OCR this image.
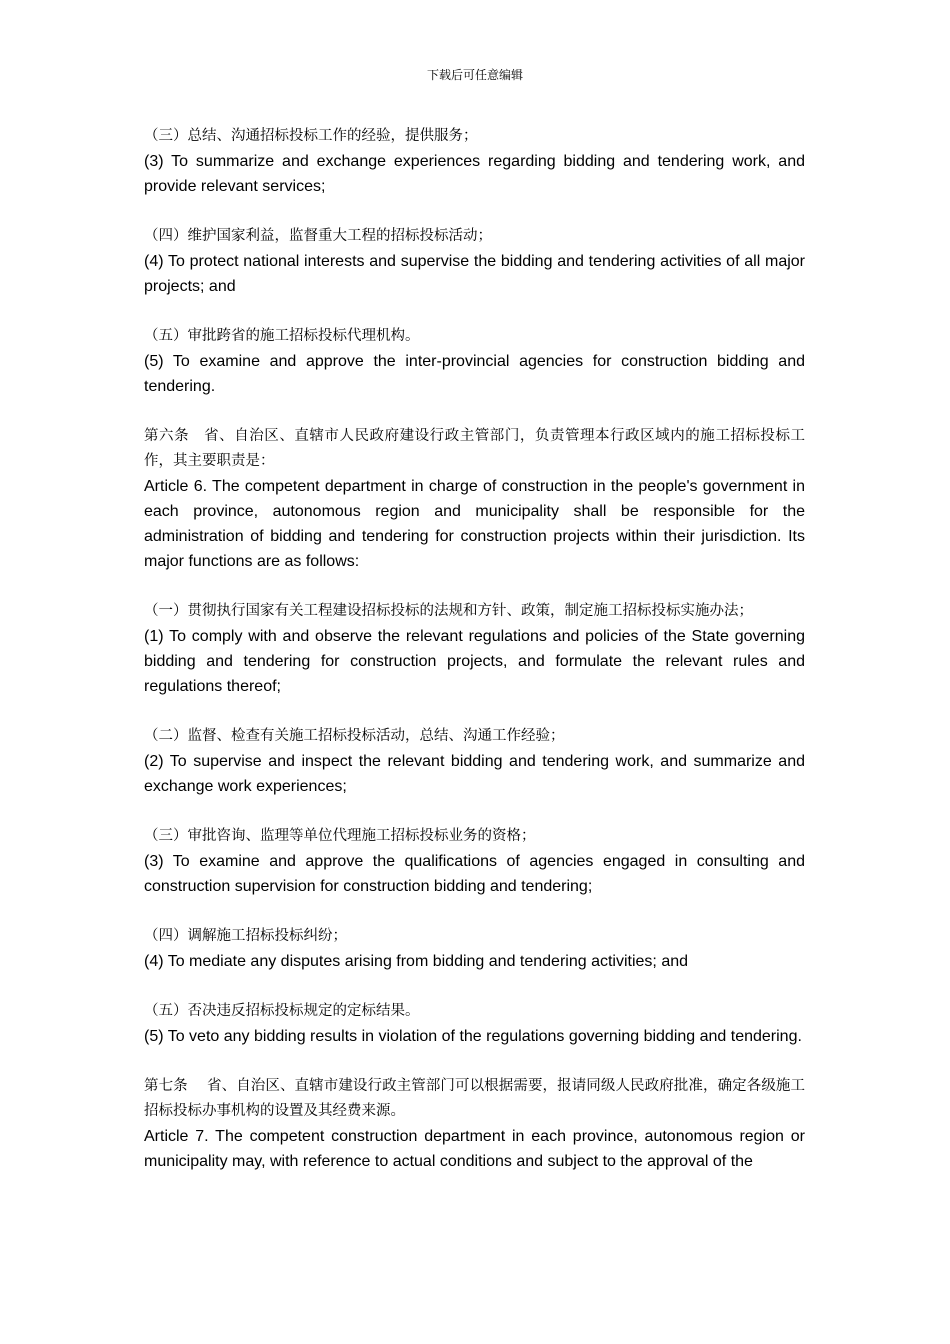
下载后可任意编辑

（三）总结、沟通招标投标工作的经验，提供服务；

(3) To summarize and exchange experiences regarding bidding and tendering work, and provide relevant services;

（四）维护国家利益，监督重大工程的招标投标活动；

(4) To protect national interests and supervise the bidding and tendering activities of all major projects; and

（五）审批跨省的施工招标投标代理机构。

(5) To examine and approve the inter-provincial agencies for construction bidding and tendering.

第六条　省、自治区、直辖市人民政府建设行政主管部门，负责管理本行政区域内的施工招标投标工作，其主要职责是：

Article 6. The competent department in charge of construction in the people's government in each province, autonomous region and municipality shall be responsible for the administration of bidding and tendering for construction projects within their jurisdiction. Its major functions are as follows:

（一）贯彻执行国家有关工程建设招标投标的法规和方针、政策，制定施工招标投标实施办法；

(1) To comply with and observe the relevant regulations and policies of the State governing bidding and tendering for construction projects, and formulate the relevant rules and regulations thereof;

（二）监督、检查有关施工招标投标活动，总结、沟通工作经验；

(2) To supervise and inspect the relevant bidding and tendering work, and summarize and exchange work experiences;

（三）审批咨询、监理等单位代理施工招标投标业务的资格；

(3) To examine and approve the qualifications of agencies engaged in consulting and construction supervision for construction bidding and tendering;

（四）调解施工招标投标纠纷；

(4) To mediate any disputes arising from bidding and tendering activities; and

（五）否决违反招标投标规定的定标结果。

(5) To veto any bidding results in violation of the regulations governing bidding and tendering.

第七条　 省、自治区、直辖市建设行政主管部门可以根据需要，报请同级人民政府批准，确定各级施工招标投标办事机构的设置及其经费来源。

Article 7. The competent construction department in each province, autonomous region or municipality may, with reference to actual conditions and subject to the approval of the
